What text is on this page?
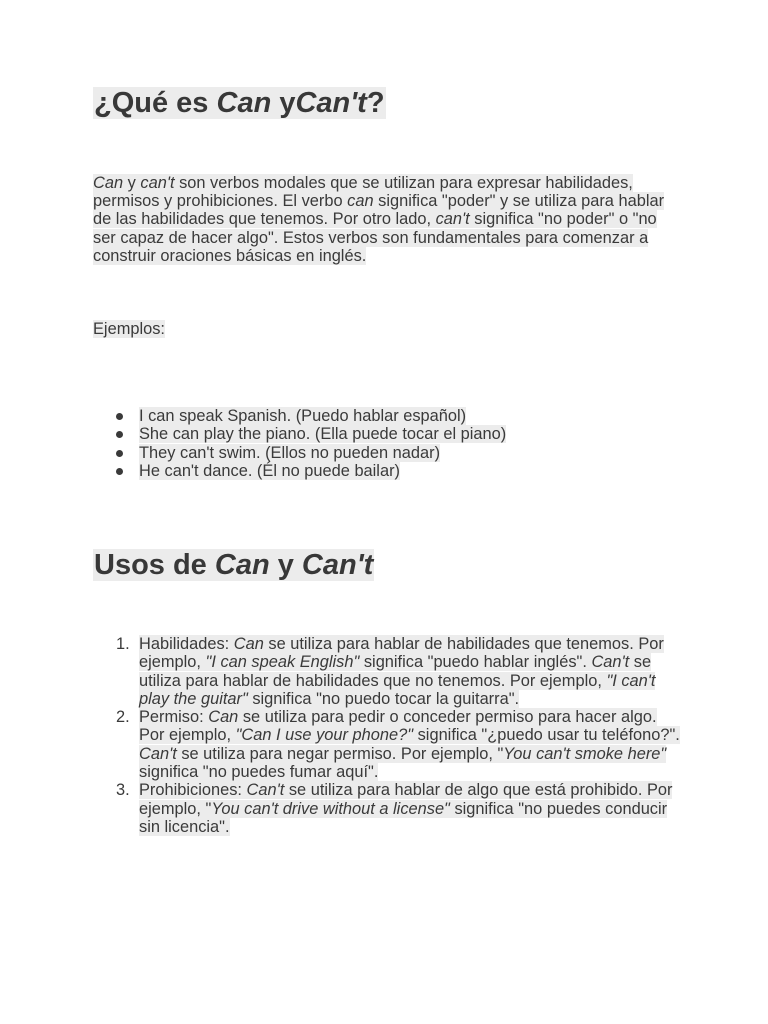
¿Qué es Can yCan't?

Can y can't son verbos modales que se utilizan para expresar habilidades, permisos y prohibiciones. El verbo can significa "poder" y se utiliza para hablar de las habilidades que tenemos. Por otro lado, can't significa "no poder" o "no ser capaz de hacer algo". Estos verbos son fundamentales para comenzar a construir oraciones básicas en inglés.

Ejemplos:

I can speak Spanish. (Puedo hablar español)
She can play the piano. (Ella puede tocar el piano)
They can't swim. (Ellos no pueden nadar)
He can't dance. (Él no puede bailar)
Usos de Can y Can't
1. Habilidades: Can se utiliza para hablar de habilidades que tenemos. Por ejemplo, "I can speak English" significa "puedo hablar inglés". Can't se utiliza para hablar de habilidades que no tenemos. Por ejemplo, "I can't play the guitar" significa "no puedo tocar la guitarra".
2. Permiso: Can se utiliza para pedir o conceder permiso para hacer algo. Por ejemplo, "Can I use your phone?" significa "¿puedo usar tu teléfono?". Can't se utiliza para negar permiso. Por ejemplo, "You can't smoke here" significa "no puedes fumar aquí".
3. Prohibiciones: Can't se utiliza para hablar de algo que está prohibido. Por ejemplo, "You can't drive without a license" significa "no puedes conducir sin licencia".
